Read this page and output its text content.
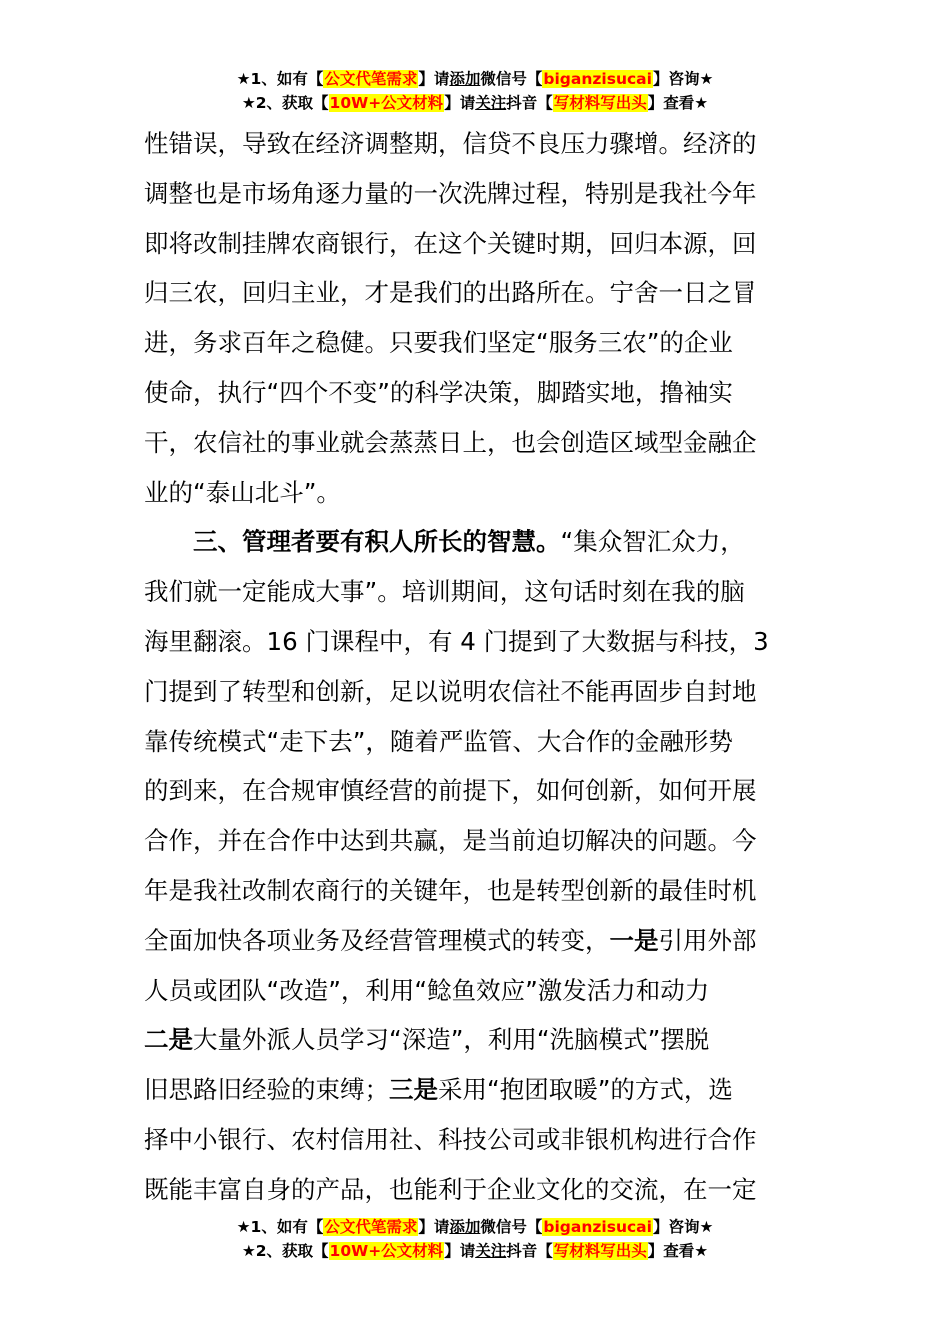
★1、如有【公文代笔需求】请添加微信号【biganzisucai】咨询★
★2、获取【10W+公文材料】请关注抖音【写材料写出头】查看★
性错误，导致在经济调整期，信贷不良压力骤增。经济的
调整也是市场角逐力量的一次洗牌过程，特别是我社今年
即将改制挂牌农商银行，在这个关键时期，回归本源，回
归三农，回归主业，才是我们的出路所在。宁舍一日之冒
进，务求百年之稳健。只要我们坚定“服务三农”的企业
使命，执行“四个不变”的科学决策，脚踏实地，撸袖实
干，农信社的事业就会蒸蒸日上，也会创造区域型金融企
业的“泰山北斗”。
三、管理者要有积人所长的智慧。“集众智汇众力，
我们就一定能成大事”。培训期间，这句话时刻在我的脑
海里翻滚。16 门课程中，有 4 门提到了大数据与科技，3
门提到了转型和创新，足以说明农信社不能再固步自封地
靠传统模式“走下去”，随着严监管、大合作的金融形势
的到来，在合规审慎经营的前提下，如何创新，如何开展
合作，并在合作中达到共赢，是当前迫切解决的问题。今
年是我社改制农商行的关键年，也是转型创新的最佳时机
全面加快各项业务及经营管理模式的转变，一是引用外部
人员或团队“改造”，利用“鲶鱼效应”激发活力和动力
二是大量外派人员学习“深造”，利用“洗脑模式”摆脱
旧思路旧经验的束缚；三是采用“抱团取暖”的方式，选
择中小银行、农村信用社、科技公司或非银机构进行合作
既能丰富自身的产品，也能利于企业文化的交流，在一定
★1、如有【公文代笔需求】请添加微信号【biganzisucai】咨询★
★2、获取【10W+公文材料】请关注抖音【写材料写出头】查看★
